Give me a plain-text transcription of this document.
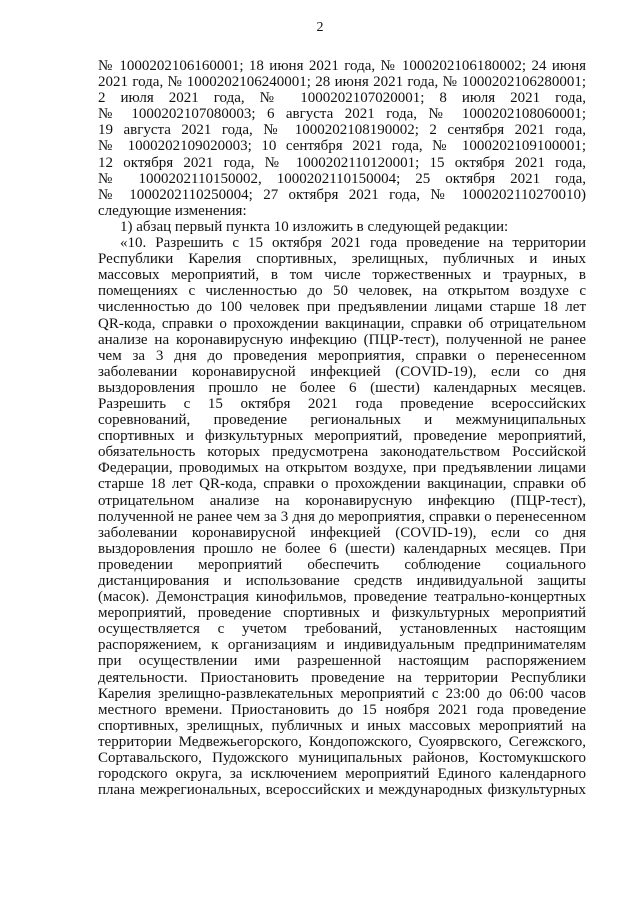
2
№ 1000202106160001; 18 июня 2021 года, № 1000202106180002; 24 июня
2021 года, № 1000202106240001; 28 июня 2021 года, № 1000202106280001;
2 июля 2021 года, № 1000202107020001; 8 июля 2021 года,
№ 1000202107080003; 6 августа 2021 года, № 1000202108060001;
19 августа 2021 года, № 1000202108190002; 2 сентября 2021 года,
№ 1000202109020003; 10 сентября 2021 года, № 1000202109100001;
12 октября 2021 года, № 1000202110120001; 15 октября 2021 года,
№ 1000202110150002, 1000202110150004; 25 октября 2021 года,
№ 1000202110250004; 27 октября 2021 года, № 1000202110270010)
следующие изменения:
1) абзац первый пункта 10 изложить в следующей редакции:
«10. Разрешить с 15 октября 2021 года проведение на территории
Республики Карелия спортивных, зрелищных, публичных и иных
массовых мероприятий, в том числе торжественных и траурных, в
помещениях с численностью до 50 человек, на открытом воздухе с
численностью до 100 человек при предъявлении лицами старше 18 лет
QR-кода, справки о прохождении вакцинации, справки об отрицательном
анализе на коронавирусную инфекцию (ПЦР-тест), полученной не ранее
чем за 3 дня до проведения мероприятия, справки о перенесенном
заболевании коронавирусной инфекцией (COVID-19), если со дня
выздоровления прошло не более 6 (шести) календарных месяцев.
Разрешить с 15 октября 2021 года проведение всероссийских
соревнований, проведение региональных и межмуниципальных
спортивных и физкультурных мероприятий, проведение мероприятий,
обязательность которых предусмотрена законодательством Российской
Федерации, проводимых на открытом воздухе, при предъявлении лицами
старше 18 лет QR-кода, справки о прохождении вакцинации, справки об
отрицательном анализе на коронавирусную инфекцию (ПЦР-тест),
полученной не ранее чем за 3 дня до мероприятия, справки о перенесенном
заболевании коронавирусной инфекцией (COVID-19), если со дня
выздоровления прошло не более 6 (шести) календарных месяцев. При
проведении мероприятий обеспечить соблюдение социального
дистанцирования и использование средств индивидуальной защиты
(масок). Демонстрация кинофильмов, проведение театрально-концертных
мероприятий, проведение спортивных и физкультурных мероприятий
осуществляется с учетом требований, установленных настоящим
распоряжением, к организациям и индивидуальным предпринимателям
при осуществлении ими разрешенной настоящим распоряжением
деятельности. Приостановить проведение на территории Республики
Карелия зрелищно-развлекательных мероприятий с 23:00 до 06:00 часов
местного времени. Приостановить до 15 ноября 2021 года проведение
спортивных, зрелищных, публичных и иных массовых мероприятий на
территории Медвежьегорского, Кондопожского, Суоярвского, Сегежского,
Сортавальского, Пудожского муниципальных районов, Костомукшского
городского округа, за исключением мероприятий Единого календарного
плана межрегиональных, всероссийских и международных физкультурных
